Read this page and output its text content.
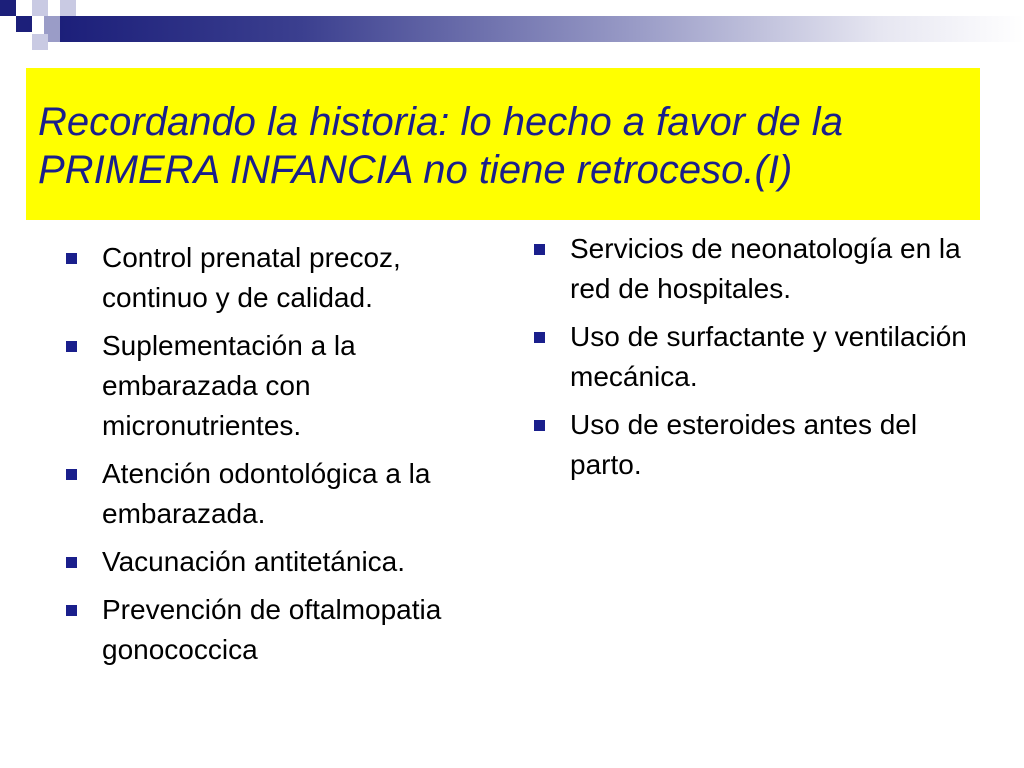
Recordando la historia: lo hecho a favor de la PRIMERA INFANCIA no tiene retroceso.(I)
Control prenatal precoz, continuo y de calidad.
Suplementación a la embarazada con micronutrientes.
Atención odontológica a la embarazada.
Vacunación antitetánica.
Prevención de oftalmopatia gonococcica
Servicios de neonatología en la red de hospitales.
Uso de surfactante y ventilación mecánica.
Uso de esteroides antes del parto.
